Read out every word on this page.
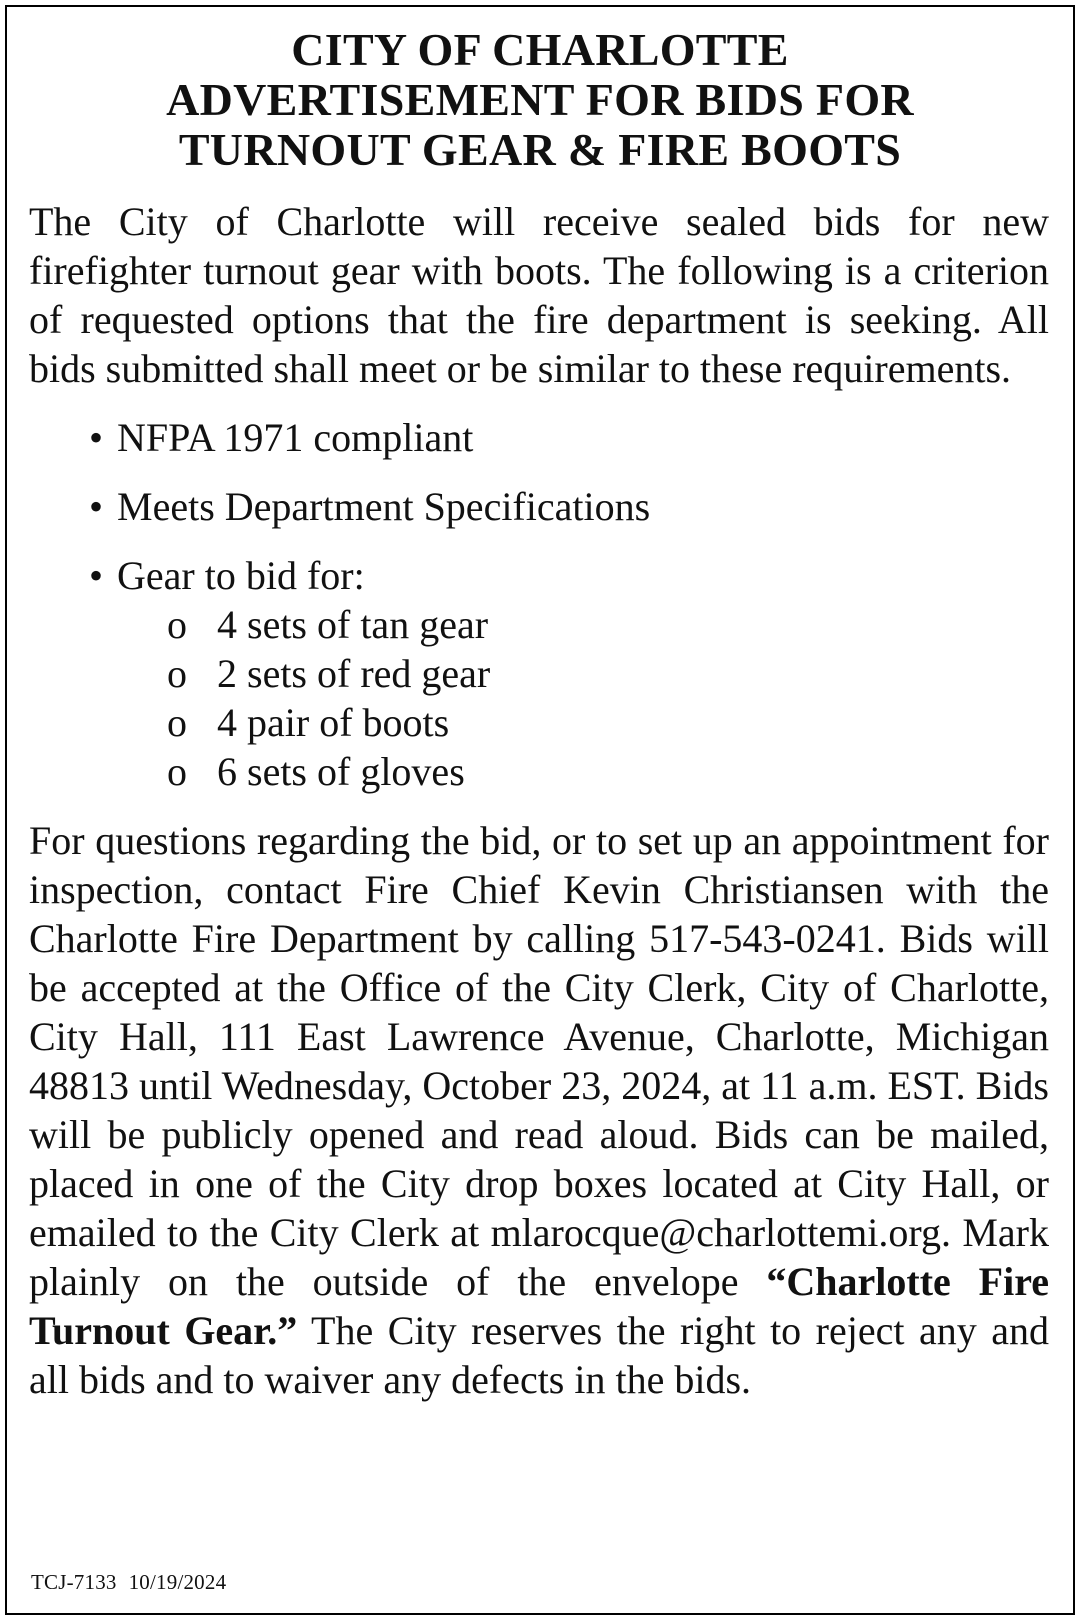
CITY OF CHARLOTTE
ADVERTISEMENT FOR BIDS FOR
TURNOUT GEAR & FIRE BOOTS

The City of Charlotte will receive sealed bids for new firefighter turnout gear with boots. The following is a criterion of requested options that the fire department is seeking. All bids submitted shall meet or be similar to these requirements.

• NFPA 1971 compliant
• Meets Department Specifications
• Gear to bid for:
o 4 sets of tan gear
o 2 sets of red gear
o 4 pair of boots
o 6 sets of gloves

For questions regarding the bid, or to set up an appointment for inspection, contact Fire Chief Kevin Christiansen with the Charlotte Fire Department by calling 517-543-0241. Bids will be accepted at the Office of the City Clerk, City of Charlotte, City Hall, 111 East Lawrence Avenue, Charlotte, Michigan 48813 until Wednesday, October 23, 2024, at 11 a.m. EST. Bids will be publicly opened and read aloud. Bids can be mailed, placed in one of the City drop boxes located at City Hall, or emailed to the City Clerk at mlarocque@charlottemi.org. Mark plainly on the outside of the envelope “Charlotte Fire Turnout Gear.” The City reserves the right to reject any and all bids and to waiver any defects in the bids.

TCJ-7133 10/19/2024
